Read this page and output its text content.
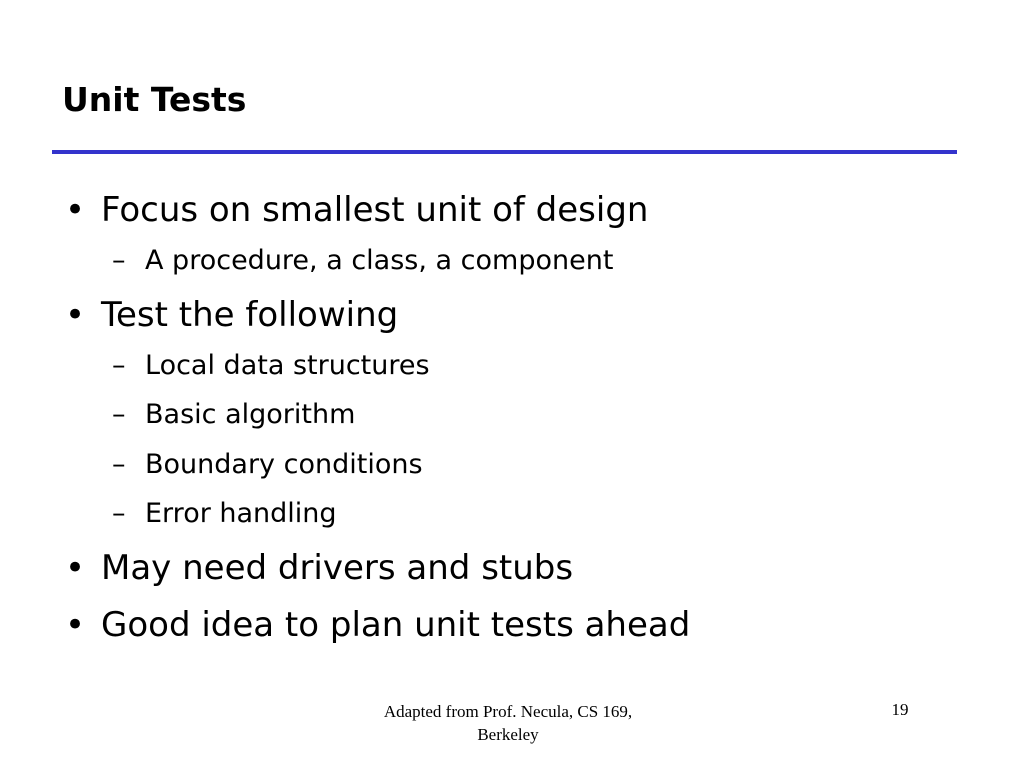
Unit Tests
• Focus on smallest unit of design
– A procedure, a class, a component
• Test the following
– Local data structures
– Basic algorithm
– Boundary conditions
– Error handling
• May need drivers and stubs
• Good idea to plan unit tests ahead
Adapted from Prof. Necula, CS 169,
Berkeley
19
